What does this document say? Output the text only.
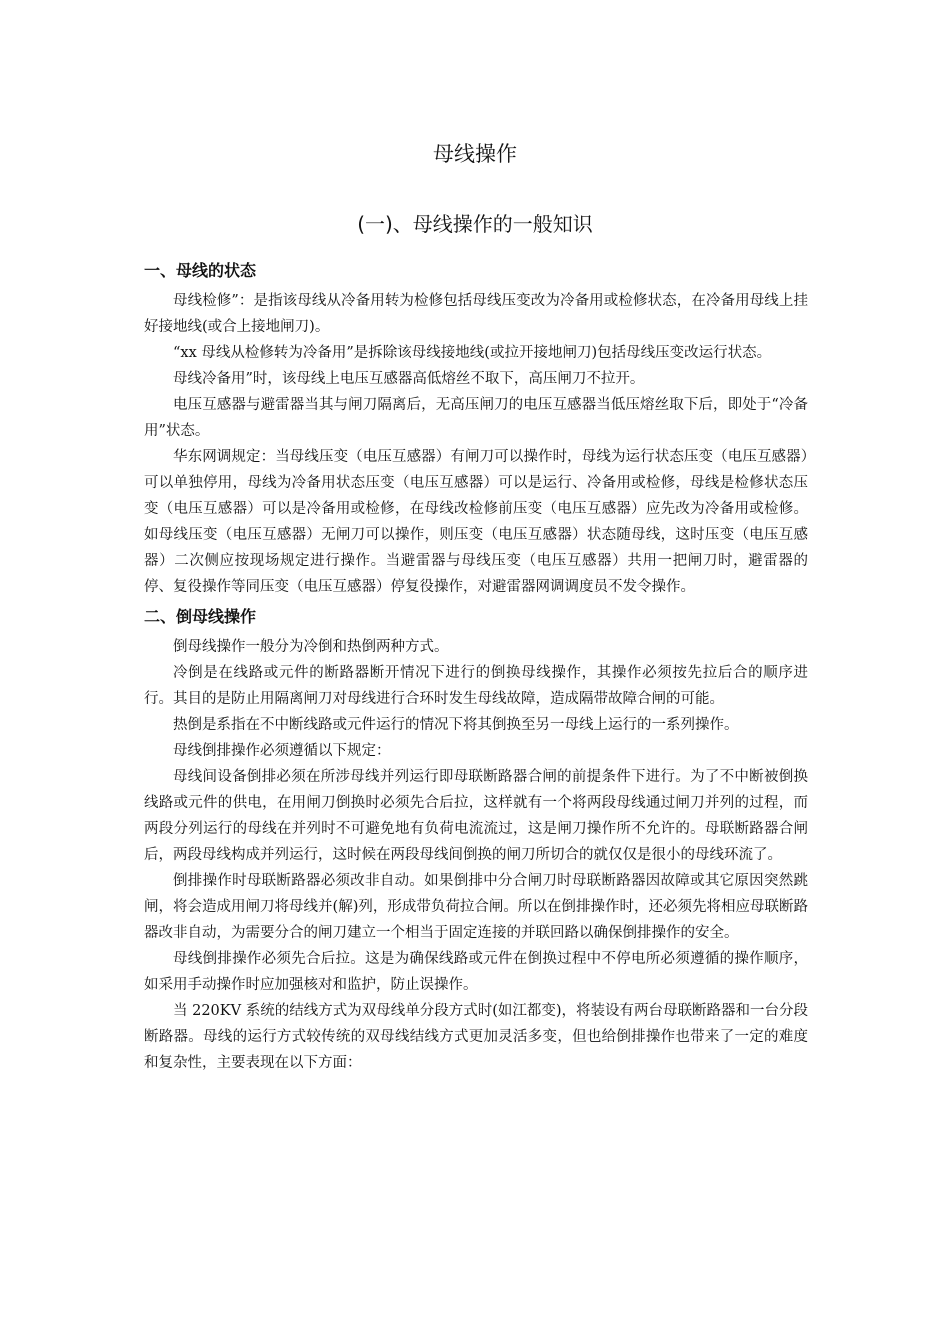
母线操作
(一)、母线操作的一般知识
一、母线的状态

母线检修”：是指该母线从冷备用转为检修包括母线压变改为冷备用或检修状态，在冷备用母线上挂好接地线(或合上接地闸刀)。

“xx 母线从检修转为冷备用”是拆除该母线接地线(或拉开接地闸刀)包括母线压变改运行状态。

母线冷备用”时，该母线上电压互感器高低熔丝不取下，高压闸刀不拉开。

电压互感器与避雷器当其与闸刀隔离后，无高压闸刀的电压互感器当低压熔丝取下后，即处于“冷备用”状态。

华东网调规定：当母线压变（电压互感器）有闸刀可以操作时，母线为运行状态压变（电压互感器）可以单独停用，母线为冷备用状态压变（电压互感器）可以是运行、冷备用或检修，母线是检修状态压变（电压互感器）可以是冷备用或检修，在母线改检修前压变（电压互感器）应先改为冷备用或检修。如母线压变（电压互感器）无闸刀可以操作，则压变（电压互感器）状态随母线，这时压变（电压互感器）二次侧应按现场规定进行操作。当避雷器与母线压变（电压互感器）共用一把闸刀时，避雷器的停、复役操作等同压变（电压互感器）停复役操作，对避雷器网调调度员不发令操作。

二、倒母线操作

倒母线操作一般分为冷倒和热倒两种方式。

冷倒是在线路或元件的断路器断开情况下进行的倒换母线操作，其操作必须按先拉后合的顺序进行。其目的是防止用隔离闸刀对母线进行合环时发生母线故障，造成隔带故障合闸的可能。

热倒是系指在不中断线路或元件运行的情况下将其倒换至另一母线上运行的一系列操作。

母线倒排操作必须遵循以下规定：

母线间设备倒排必须在所涉母线并列运行即母联断路器合闸的前提条件下进行。为了不中断被倒换线路或元件的供电，在用闸刀倒换时必须先合后拉，这样就有一个将两段母线通过闸刀并列的过程，而两段分列运行的母线在并列时不可避免地有负荷电流流过，这是闸刀操作所不允许的。母联断路器合闸后，两段母线构成并列运行，这时候在两段母线间倒换的闸刀所切合的就仅仅是很小的母线环流了。

倒排操作时母联断路器必须改非自动。如果倒排中分合闸刀时母联断路器因故障或其它原因突然跳闸，将会造成用闸刀将母线并(解)列，形成带负荷拉合闸。所以在倒排操作时，还必须先将相应母联断路器改非自动，为需要分合的闸刀建立一个相当于固定连接的并联回路以确保倒排操作的安全。

母线倒排操作必须先合后拉。这是为确保线路或元件在倒换过程中不停电所必须遵循的操作顺序，如采用手动操作时应加强核对和监护，防止误操作。

当 220KV 系统的结线方式为双母线单分段方式时(如江都变)，将装设有两台母联断路器和一台分段断路器。母线的运行方式较传统的双母线结线方式更加灵活多变，但也给倒排操作也带来了一定的难度和复杂性，主要表现在以下方面：
